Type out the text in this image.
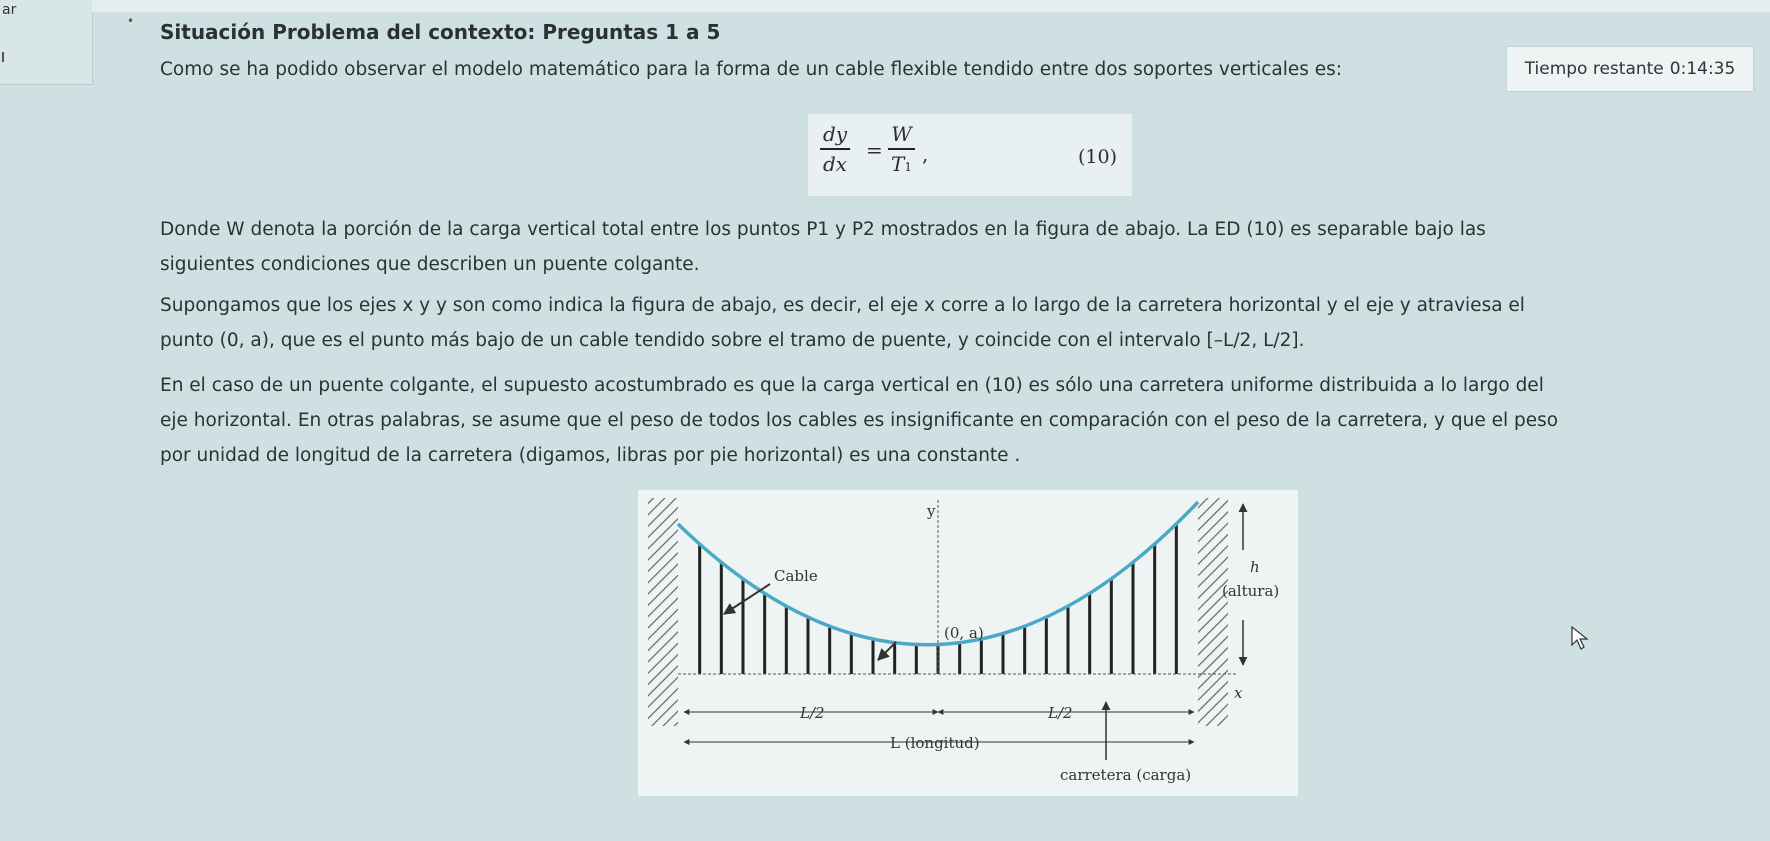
ar
• Situación Problema del contexto: Preguntas 1 a 5
Tiempo restante 0:14:35
Como se ha podido observar el modelo matemático para la forma de un cable flexible tendido entre dos soportes verticales es:
dy
dx
=
W
T1
,	(10)
Donde W denota la porción de la carga vertical total entre los puntos P1 y P2 mostrados en la figura de abajo. La ED (10) es separable bajo las
siguientes condiciones que describen un puente colgante.
Supongamos que los ejes x y y son como indica la figura de abajo, es decir, el eje x corre a lo largo de la carretera horizontal y el eje y atraviesa el
punto (0, a), que es el punto más bajo de un cable tendido sobre el tramo de puente, y coincide con el intervalo [–L/2, L/2].
En el caso de un puente colgante, el supuesto acostumbrado es que la carga vertical en (10) es sólo una carretera uniforme distribuida a lo largo del
eje horizontal. En otras palabras, se asume que el peso de todos los cables es insignificante en comparación con el peso de la carretera, y que el peso
por unidad de longitud de la carretera (digamos, libras por pie horizontal) es una constante .
y
Cable	h
(altura)
(0, a)
x
L/2	L/2
L (longitud)
carretera (carga)
